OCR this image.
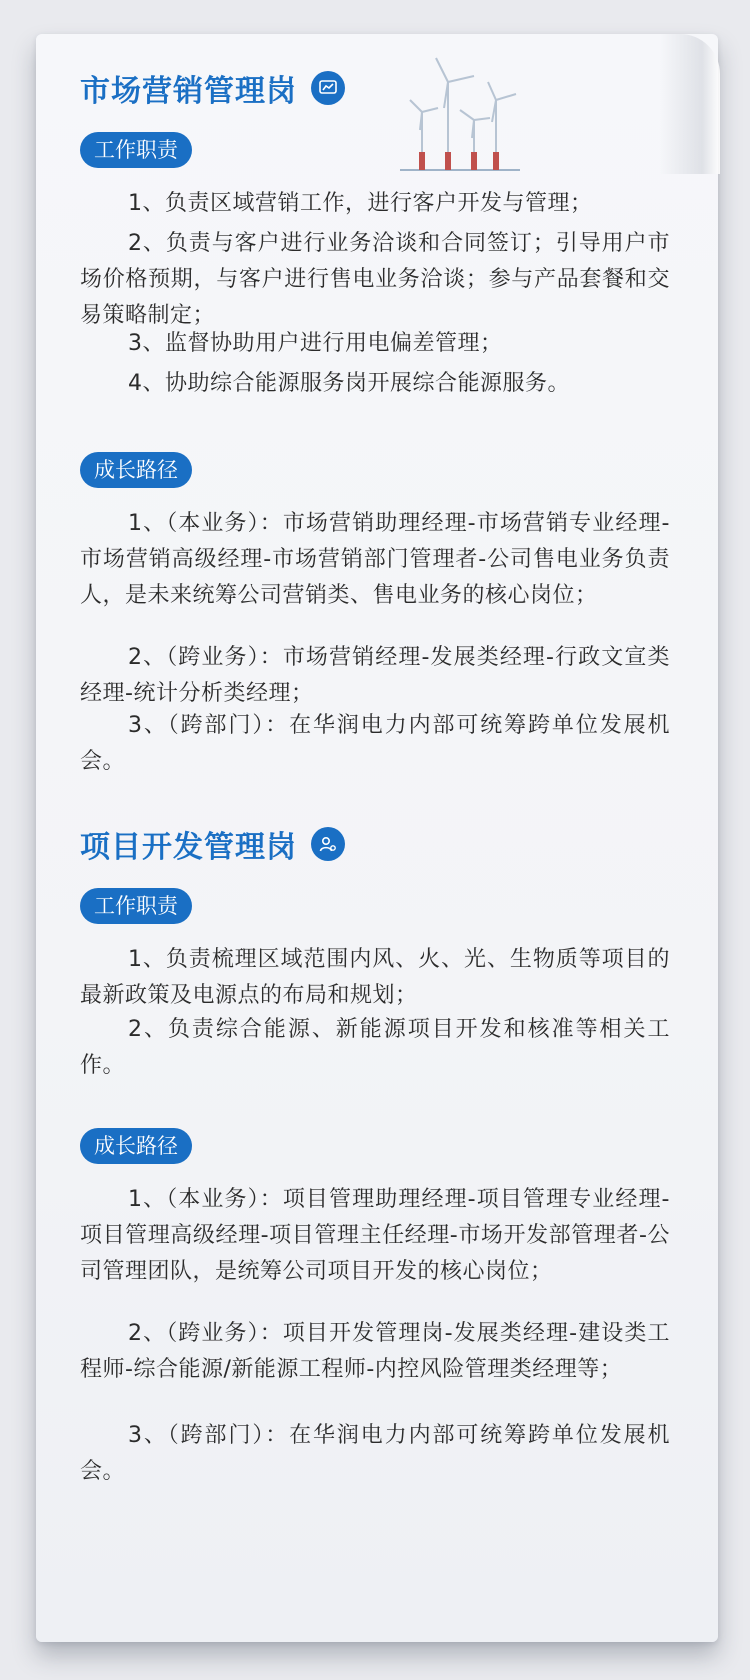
市场营销管理岗
工作职责

1、负责区域营销工作，进行客户开发与管理；

2、负责与客户进行业务洽谈和合同签订；引导用户市场价格预期，与客户进行售电业务洽谈；参与产品套餐和交易策略制定；

3、监督协助用户进行用电偏差管理；

4、协助综合能源服务岗开展综合能源服务。

成长路径

1、（本业务）：市场营销助理经理-市场营销专业经理-市场营销高级经理-市场营销部门管理者-公司售电业务负责人，是未来统筹公司营销类、售电业务的核心岗位；

2、（跨业务）：市场营销经理-发展类经理-行政文宣类经理-统计分析类经理；

3、（跨部门）：在华润电力内部可统筹跨单位发展机会。

项目开发管理岗
工作职责

1、负责梳理区域范围内风、火、光、生物质等项目的最新政策及电源点的布局和规划；

2、负责综合能源、新能源项目开发和核准等相关工作。

成长路径

1、（本业务）：项目管理助理经理-项目管理专业经理-项目管理高级经理-项目管理主任经理-市场开发部管理者-公司管理团队，是统筹公司项目开发的核心岗位；

2、（跨业务）：项目开发管理岗-发展类经理-建设类工程师-综合能源/新能源工程师-内控风险管理类经理等；

3、（跨部门）：在华润电力内部可统筹跨单位发展机会。
